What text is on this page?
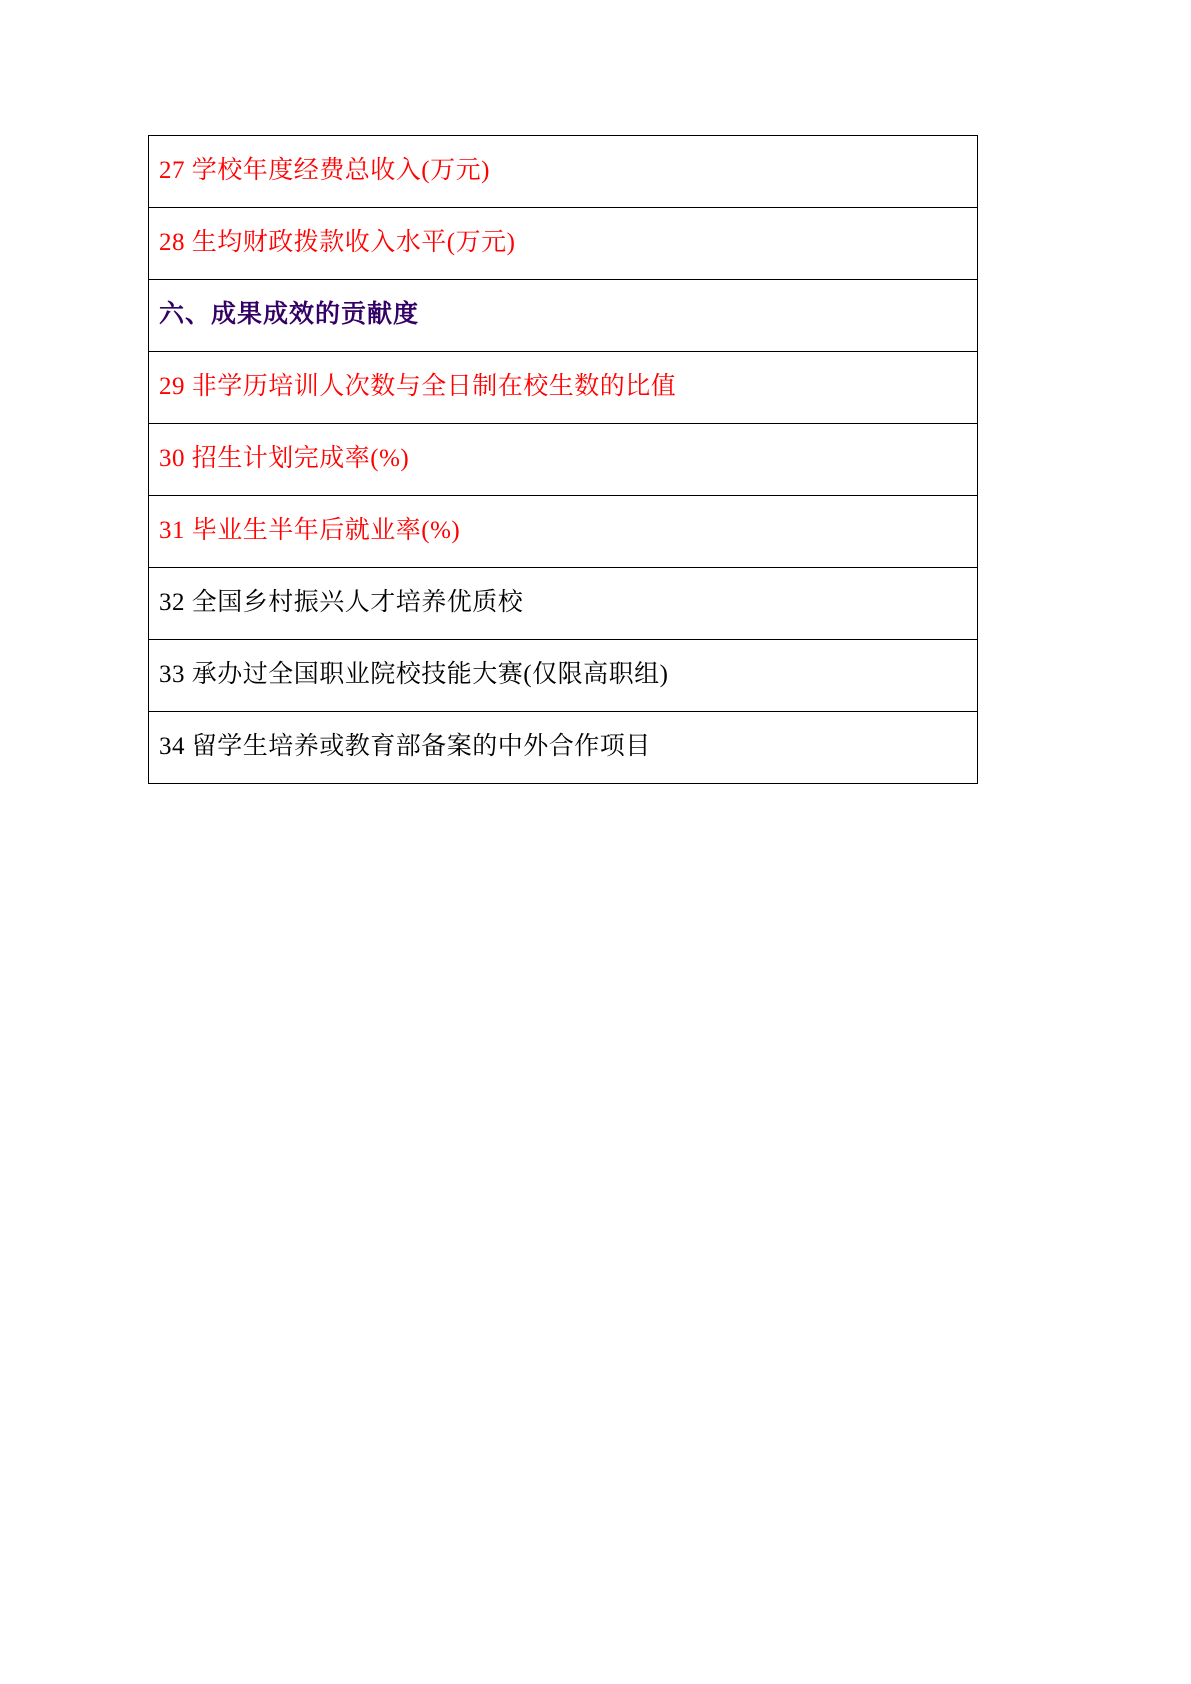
27 学校年度经费总收入(万元)
28 生均财政拨款收入水平(万元)
六、成果成效的贡献度
29 非学历培训人次数与全日制在校生数的比值
30 招生计划完成率(%)
31 毕业生半年后就业率(%)
32 全国乡村振兴人才培养优质校
33 承办过全国职业院校技能大赛(仅限高职组)
34 留学生培养或教育部备案的中外合作项目
